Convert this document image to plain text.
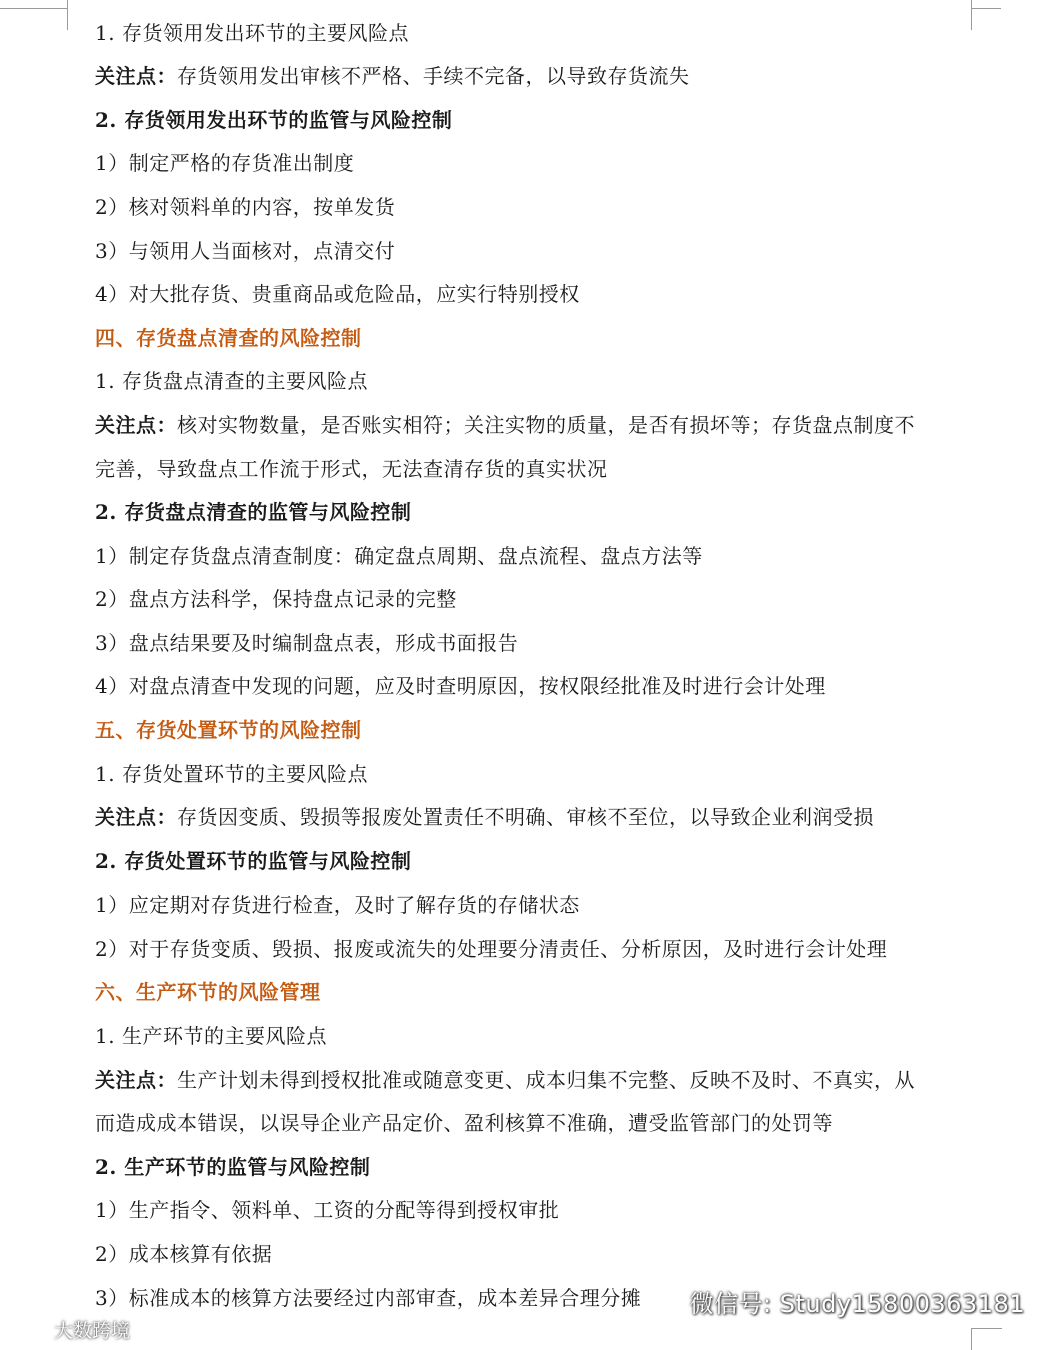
1. 存货领用发出环节的主要风险点
关注点：存货领用发出审核不严格、手续不完备，以导致存货流失
2. 存货领用发出环节的监管与风险控制
1）制定严格的存货准出制度
2）核对领料单的内容，按单发货
3）与领用人当面核对，点清交付
4）对大批存货、贵重商品或危险品，应实行特别授权
四、存货盘点清查的风险控制
1. 存货盘点清查的主要风险点
关注点：核对实物数量，是否账实相符；关注实物的质量，是否有损坏等；存货盘点制度不
完善，导致盘点工作流于形式，无法查清存货的真实状况
2. 存货盘点清查的监管与风险控制
1）制定存货盘点清查制度：确定盘点周期、盘点流程、盘点方法等
2）盘点方法科学，保持盘点记录的完整
3）盘点结果要及时编制盘点表，形成书面报告
4）对盘点清查中发现的问题，应及时查明原因，按权限经批准及时进行会计处理
五、存货处置环节的风险控制
1. 存货处置环节的主要风险点
关注点：存货因变质、毁损等报废处置责任不明确、审核不至位，以导致企业利润受损
2. 存货处置环节的监管与风险控制
1）应定期对存货进行检查，及时了解存货的存储状态
2）对于存货变质、毁损、报废或流失的处理要分清责任、分析原因，及时进行会计处理
六、生产环节的风险管理
1. 生产环节的主要风险点
关注点：生产计划未得到授权批准或随意变更、成本归集不完整、反映不及时、不真实，从
而造成成本错误，以误导企业产品定价、盈利核算不准确，遭受监管部门的处罚等
2. 生产环节的监管与风险控制
1）生产指令、领料单、工资的分配等得到授权审批
2）成本核算有依据
3）标准成本的核算方法要经过内部审查，成本差异合理分摊	微信号: Study15800363181
大数跨境
